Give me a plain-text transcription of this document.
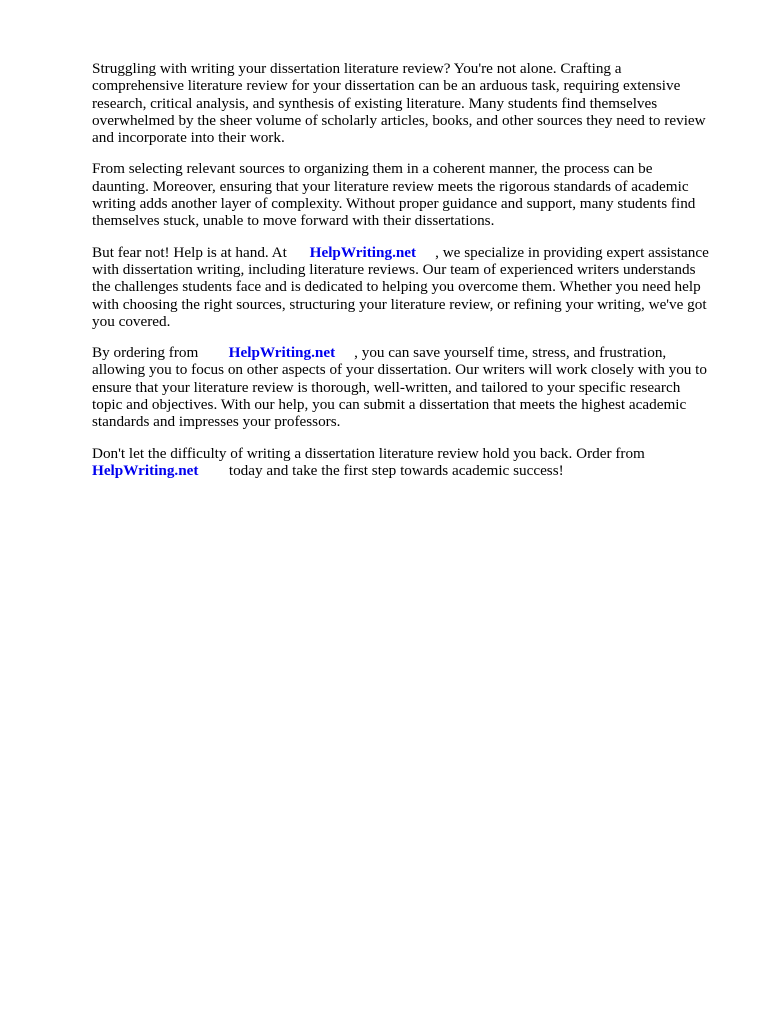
Struggling with writing your dissertation literature review? You're not alone. Crafting a
comprehensive literature review for your dissertation can be an arduous task, requiring extensive
research, critical analysis, and synthesis of existing literature. Many students find themselves
overwhelmed by the sheer volume of scholarly articles, books, and other sources they need to review
and incorporate into their work.

From selecting relevant sources to organizing them in a coherent manner, the process can be
daunting. Moreover, ensuring that your literature review meets the rigorous standards of academic
writing adds another layer of complexity. Without proper guidance and support, many students find
themselves stuck, unable to move forward with their dissertations.

But fear not! Help is at hand. At      HelpWriting.net     , we specialize in providing expert assistance
with dissertation writing, including literature reviews. Our team of experienced writers understands
the challenges students face and is dedicated to helping you overcome them. Whether you need help
with choosing the right sources, structuring your literature review, or refining your writing, we've got
you covered.

By ordering from        HelpWriting.net     , you can save yourself time, stress, and frustration,
allowing you to focus on other aspects of your dissertation. Our writers will work closely with you to
ensure that your literature review is thorough, well-written, and tailored to your specific research
topic and objectives. With our help, you can submit a dissertation that meets the highest academic
standards and impresses your professors.

Don't let the difficulty of writing a dissertation literature review hold you back. Order from
HelpWriting.net        today and take the first step towards academic success!
